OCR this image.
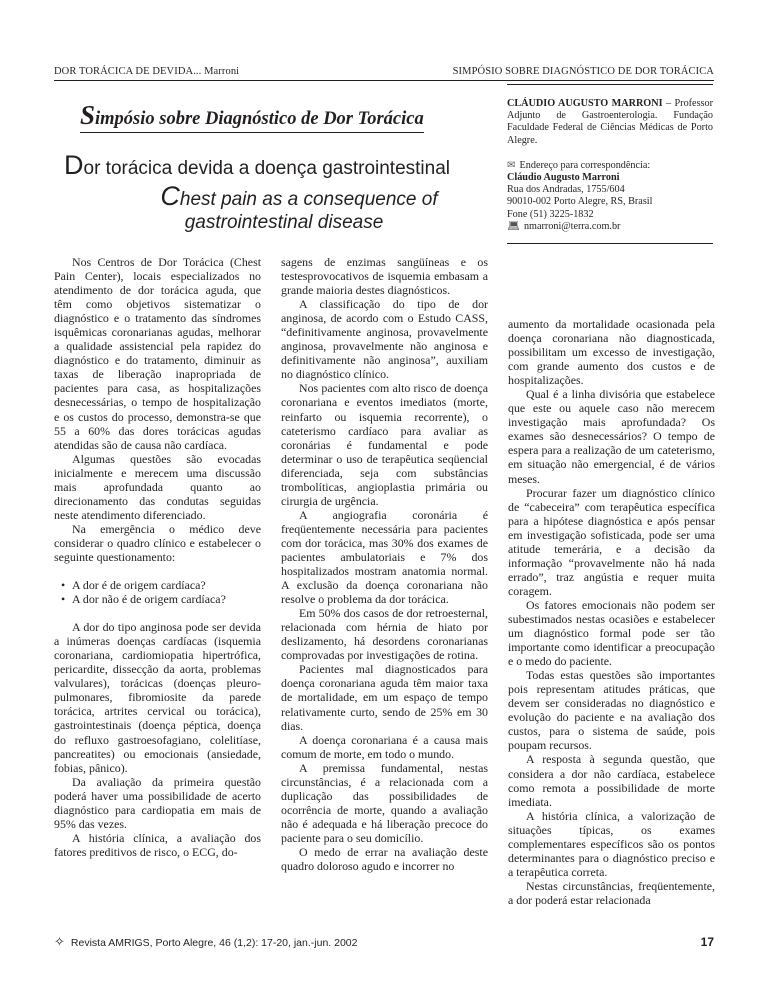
DOR TORÁCICA DE DEVIDA... Marroni	SIMPÓSIO SOBRE DIAGNÓSTICO DE DOR TORÁCICA
Simpósio sobre Diagnóstico de Dor Torácica
Dor torácica devida a doença gastrointestinal
Chest pain as a consequence of
gastrointestinal disease
CLÁUDIO AUGUSTO MARRONI – Professor Adjunto de Gastroenterologia. Fundação Faculdade Federal de Ciências Médicas de Porto Alegre.
✉ Endereço para correspondência:
Cláudio Augusto Marroni
Rua dos Andradas, 1755/604
90010-002 Porto Alegre, RS, Brasil
Fone (51) 3225-1832
💻︎ nmarroni@terra.com.br

Nos Centros de Dor Torácica (Chest Pain Center), locais especializados no atendimento de dor torácica aguda, que têm como objetivos sistematizar o diagnóstico e o tratamento das síndromes isquêmicas coronarianas agudas, melhorar a qualidade assistencial pela rapidez do diagnóstico e do tratamento, diminuir as taxas de liberação inapropriada de pacientes para casa, as hospitalizações desnecessárias, o tempo de hospitalização e os custos do processo, demonstra-se que 55 a 60% das dores torácicas agudas atendidas são de causa não cardíaca.

Algumas questões são evocadas inicialmente e merecem uma discussão mais aprofundada quanto ao direcionamento das condutas seguidas neste atendimento diferenciado.

Na emergência o médico deve considerar o quadro clínico e estabelecer o seguinte questionamento:

• A dor é de origem cardíaca?
• A dor não é de origem cardíaca?

A dor do tipo anginosa pode ser devida a inúmeras doenças cardíacas (isquemia coronariana, cardiomiopatia hipertrófica, pericardite, dissecção da aorta, problemas valvulares), torácicas (doenças pleuro-pulmonares, fibromiosite da parede torácica, artrites cervical ou torácica), gastrointestinais (doença péptica, doença do refluxo gastroesofagiano, colelitíase, pancreatites) ou emocionais (ansiedade, fobias, pânico).

Da avaliação da primeira questão poderá haver uma possibilidade de acerto diagnóstico para cardiopatia em mais de 95% das vezes.

A história clínica, a avaliação dos fatores preditivos de risco, o ECG, do-

sagens de enzimas sangüíneas e os testesprovocativos de isquemia embasam a grande maioria destes diagnósticos.

A classificação do tipo de dor anginosa, de acordo com o Estudo CASS, “definitivamente anginosa, provavelmente anginosa, provavelmente não anginosa e definitivamente não anginosa”, auxiliam no diagnóstico clínico.

Nos pacientes com alto risco de doença coronariana e eventos imediatos (morte, reinfarto ou isquemia recorrente), o cateterismo cardíaco para avaliar as coronárias é fundamental e pode determinar o uso de terapêutica seqüencial diferenciada, seja com substâncias trombolíticas, angioplastia primária ou cirurgia de urgência.

A angiografia coronária é freqüentemente necessária para pacientes com dor torácica, mas 30% dos exames de pacientes ambulatoriais e 7% dos hospitalizados mostram anatomia normal. A exclusão da doença coronariana não resolve o problema da dor torácica.

Em 50% dos casos de dor retroesternal, relacionada com hérnia de hiato por deslizamento, há desordens coronarianas comprovadas por investigações de rotina.

Pacientes mal diagnosticados para doença coronariana aguda têm maior taxa de mortalidade, em um espaço de tempo relativamente curto, sendo de 25% em 30 dias.

A doença coronariana é a causa mais comum de morte, em todo o mundo.

A premissa fundamental, nestas circunstâncias, é a relacionada com a duplicação das possibilidades de ocorrência de morte, quando a avaliação não é adequada e há liberação precoce do paciente para o seu domicílio.

O medo de errar na avaliação deste quadro doloroso agudo e incorrer no

aumento da mortalidade ocasionada pela doença coronariana não diagnosticada, possibilitam um excesso de investigação, com grande aumento dos custos e de hospitalizações.

Qual é a linha divisória que estabelece que este ou aquele caso não merecem investigação mais aprofundada? Os exames são desnecessários? O tempo de espera para a realização de um cateterismo, em situação não emergencial, é de vários meses.

Procurar fazer um diagnóstico clínico de “cabeceira” com terapêutica específica para a hipótese diagnóstica e após pensar em investigação sofisticada, pode ser uma atitude temerária, e a decisão da informação “provavelmente não há nada errado”, traz angústia e requer muita coragem.

Os fatores emocionais não podem ser subestimados nestas ocasiões e estabelecer um diagnóstico formal pode ser tão importante como identificar a preocupação e o medo do paciente.

Todas estas questões são importantes pois representam atitudes práticas, que devem ser consideradas no diagnóstico e evolução do paciente e na avaliação dos custos, para o sistema de saúde, pois poupam recursos.

A resposta à segunda questão, que considera a dor não cardíaca, estabelece como remota a possibilidade de morte imediata.

A história clínica, a valorização de situações típicas, os exames complementares específicos são os pontos determinantes para o diagnóstico preciso e a terapêutica correta.

Nestas circunstâncias, freqüentemente, a dor poderá estar relacionada

✧ Revista AMRIGS, Porto Alegre, 46 (1,2): 17-20, jan.-jun. 2002	17
